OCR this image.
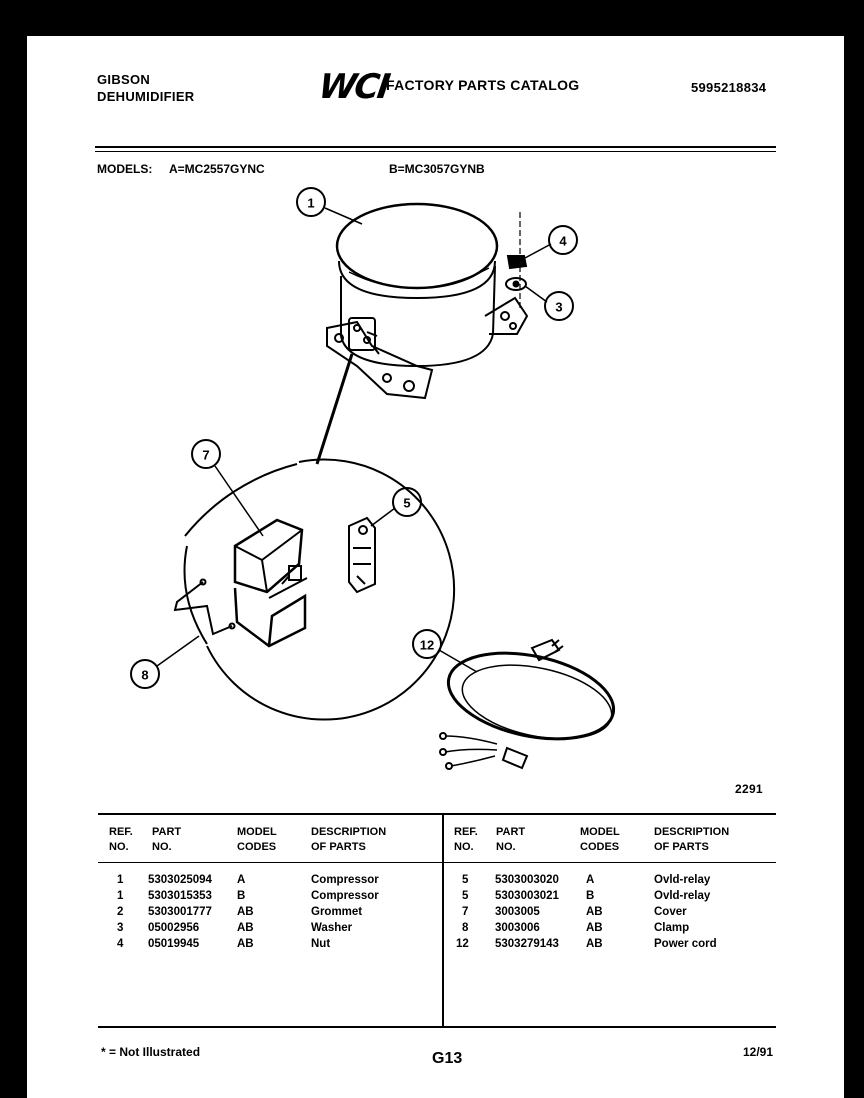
GIBSON
DEHUMIDIFIER	WCI
FACTORY PARTS CATALOG	5995218834
MODELS: A=MC2557GYNC	B=MC3057GYNB
1
4
3
7
5
8
12
2291
REF.
NO.
PART
NO.
MODEL
CODES
DESCRIPTION
OF PARTS
REF.
NO.
PART
NO.
MODEL
CODES
DESCRIPTION
OF PARTS
1 5303025094 A	Compressor
1 5303015353 B	Compressor
2 5303001777 AB	Grommet
3 05002956	AB	Washer
4 05019945	AB	Nut
5 5303003020 A	Ovld-relay
5 5303003021 B	Ovld-relay
7 3003005	AB	Cover
8 3003006	AB	Clamp
12 5303279143 AB	Power cord
* = Not Illustrated	G13	12/91
